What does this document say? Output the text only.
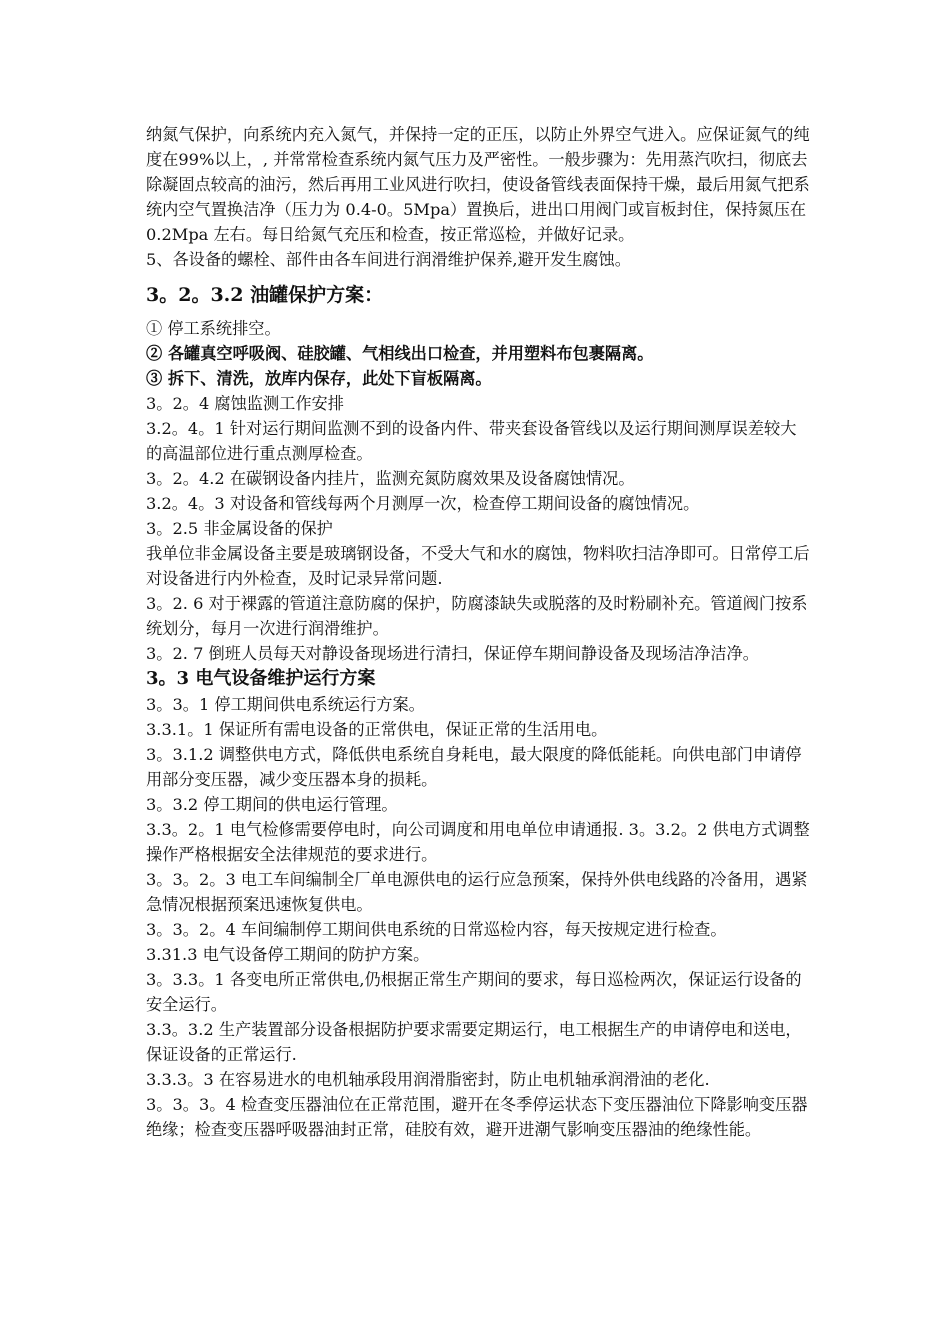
纳氮气保护，向系统内充入氮气，并保持一定的正压，以防止外界空气进入。应保证氮气的纯度在99%以上，, 并常常检查系统内氮气压力及严密性。一般步骤为：先用蒸汽吹扫，彻底去除凝固点较高的油污，然后再用工业风进行吹扫，使设备管线表面保持干燥，最后用氮气把系统内空气置换洁净（压力为 0.4-0。5Mpa）置换后，进出口用阀门或盲板封住，保持氮压在 0.2Mpa 左右。每日给氮气充压和检查，按正常巡检，并做好记录。

5、各设备的螺栓、部件由各车间进行润滑维护保养,避开发生腐蚀。

3。2。3.2 油罐保护方案：

① 停工系统排空。

② 各罐真空呼吸阀、硅胶罐、气相线出口检查，并用塑料布包裹隔离。

③ 拆下、清洗，放库内保存，此处下盲板隔离。

3。2。4 腐蚀监测工作安排

3.2。4。1 针对运行期间监测不到的设备内件、带夹套设备管线以及运行期间测厚误差较大的高温部位进行重点测厚检查。

3。2。4.2 在碳钢设备内挂片，监测充氮防腐效果及设备腐蚀情况。

3.2。4。3 对设备和管线每两个月测厚一次，检查停工期间设备的腐蚀情况。

3。2.5 非金属设备的保护

我单位非金属设备主要是玻璃钢设备，不受大气和水的腐蚀，物料吹扫洁净即可。日常停工后对设备进行内外检查，及时记录异常问题.

3。2. 6 对于裸露的管道注意防腐的保护，防腐漆缺失或脱落的及时粉刷补充。管道阀门按系统划分，每月一次进行润滑维护。

3。2. 7 倒班人员每天对静设备现场进行清扫，保证停车期间静设备及现场洁净洁净。

3。3 电气设备维护运行方案

3。3。1 停工期间供电系统运行方案。

3.3.1。1 保证所有需电设备的正常供电，保证正常的生活用电。

3。3.1.2 调整供电方式，降低供电系统自身耗电，最大限度的降低能耗。向供电部门申请停用部分变压器，减少变压器本身的损耗。

3。3.2 停工期间的供电运行管理。

3.3。2。1 电气检修需要停电时，向公司调度和用电单位申请通报. 3。3.2。2 供电方式调整操作严格根据安全法律规范的要求进行。

3。3。2。3 电工车间编制全厂单电源供电的运行应急预案，保持外供电线路的冷备用，遇紧急情况根据预案迅速恢复供电。

3。3。2。4 车间编制停工期间供电系统的日常巡检内容，每天按规定进行检查。

3.31.3 电气设备停工期间的防护方案。

3。3.3。1 各变电所正常供电,仍根据正常生产期间的要求，每日巡检两次，保证运行设备的安全运行。

3.3。3.2 生产装置部分设备根据防护要求需要定期运行，电工根据生产的申请停电和送电，保证设备的正常运行.

3.3.3。3 在容易进水的电机轴承段用润滑脂密封，防止电机轴承润滑油的老化.

3。3。3。4 检查变压器油位在正常范围，避开在冬季停运状态下变压器油位下降影响变压器绝缘；检查变压器呼吸器油封正常，硅胶有效，避开进潮气影响变压器油的绝缘性能。
